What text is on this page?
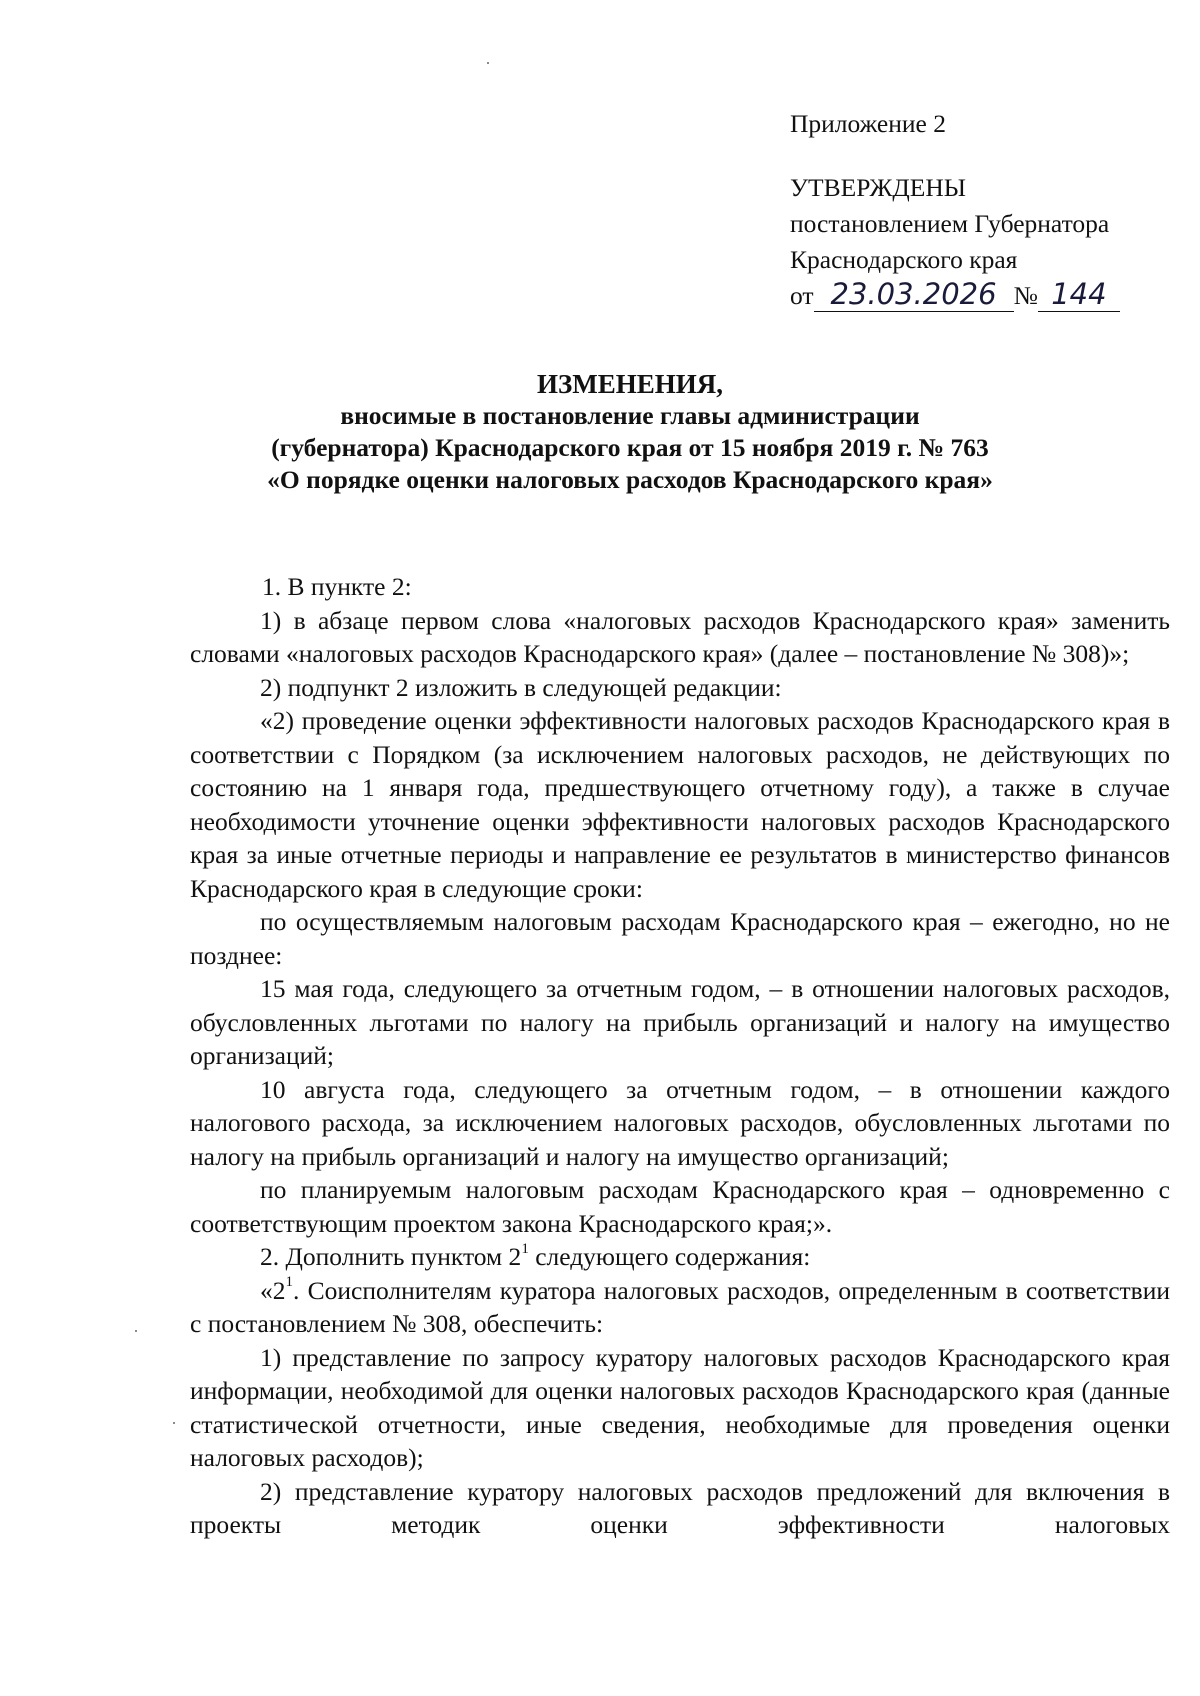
Приложение 2
УТВЕРЖДЕНЫ
постановлением Губернатора
Краснодарского края
от 23.03.2026 № 144
ИЗМЕНЕНИЯ,
вносимые в постановление главы администрации
(губернатора) Краснодарского края от 15 ноября 2019 г. № 763
«О порядке оценки налоговых расходов Краснодарского края»

1. В пункте 2:

1) в абзаце первом слова «налоговых расходов Краснодарского края» заменить словами «налоговых расходов Краснодарского края» (далее – постановление № 308)»;

2) подпункт 2 изложить в следующей редакции:

«2) проведение оценки эффективности налоговых расходов Краснодарского края в соответствии с Порядком (за исключением налоговых расходов, не действующих по состоянию на 1 января года, предшествующего отчетному году), а также в случае необходимости уточнение оценки эффективности налоговых расходов Краснодарского края за иные отчетные периоды и направление ее результатов в министерство финансов Краснодарского края в следующие сроки:

по осуществляемым налоговым расходам Краснодарского края – ежегодно, но не позднее:

15 мая года, следующего за отчетным годом, – в отношении налоговых расходов, обусловленных льготами по налогу на прибыль организаций и налогу на имущество организаций;

10 августа года, следующего за отчетным годом, – в отношении каждого налогового расхода, за исключением налоговых расходов, обусловленных льготами по налогу на прибыль организаций и налогу на имущество организаций;

по планируемым налоговым расходам Краснодарского края – одновременно с соответствующим проектом закона Краснодарского края;».

2. Дополнить пунктом $2^1$ следующего содержания:

«$2^1$. Соисполнителям куратора налоговых расходов, определенным в соответствии с постановлением № 308, обеспечить:

1) представление по запросу куратору налоговых расходов Краснодарского края информации, необходимой для оценки налоговых расходов Краснодарского края (данные статистической отчетности, иные сведения, необходимые для проведения оценки налоговых расходов);

2) представление куратору налоговых расходов предложений для включения в проекты методик оценки эффективности налоговых
